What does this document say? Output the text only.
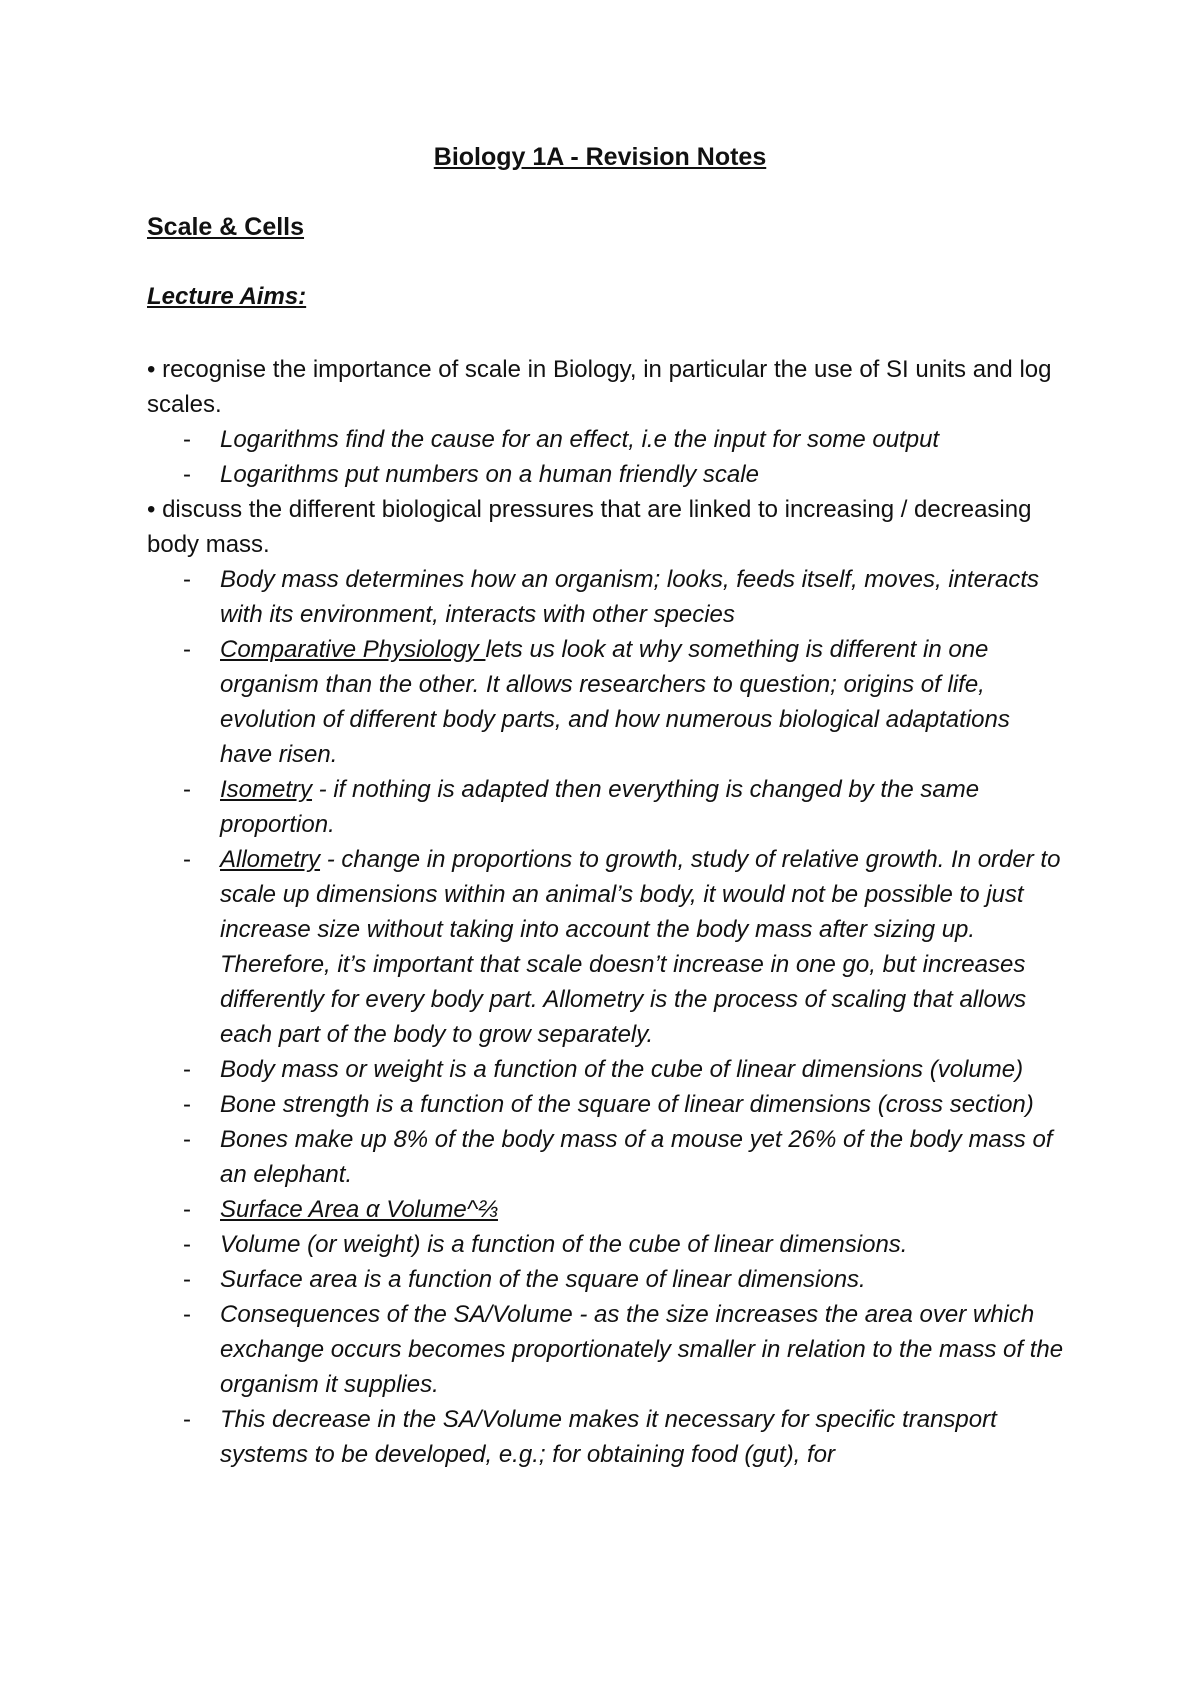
Biology 1A - Revision Notes
Scale & Cells
Lecture Aims:

• recognise the importance of scale in Biology, in particular the use of SI units and log scales.

- Logarithms find the cause for an effect, i.e the input for some output
- Logarithms put numbers on a human friendly scale

• discuss the different biological pressures that are linked to increasing / decreasing body mass.

- Body mass determines how an organism; looks, feeds itself, moves, interacts with its environment, interacts with other species
- Comparative Physiology lets us look at why something is different in one organism than the other. It allows researchers to question; origins of life, evolution of different body parts, and how numerous biological adaptations have risen.
- Isometry - if nothing is adapted then everything is changed by the same proportion.
- Allometry - change in proportions to growth, study of relative growth. In order to scale up dimensions within an animal’s body, it would not be possible to just increase size without taking into account the body mass after sizing up. Therefore, it’s important that scale doesn’t increase in one go, but increases differently for every body part. Allometry is the process of scaling that allows each part of the body to grow separately.
- Body mass or weight is a function of the cube of linear dimensions (volume)
- Bone strength is a function of the square of linear dimensions (cross section)
- Bones make up 8% of the body mass of a mouse yet 26% of the body mass of an elephant.
- Surface Area α Volume^⅔
- Volume (or weight) is a function of the cube of linear dimensions.
- Surface area is a function of the square of linear dimensions.
- Consequences of the SA/Volume - as the size increases the area over which exchange occurs becomes proportionately smaller in relation to the mass of the organism it supplies.
- This decrease in the SA/Volume makes it necessary for specific transport systems to be developed, e.g.; for obtaining food (gut), for
